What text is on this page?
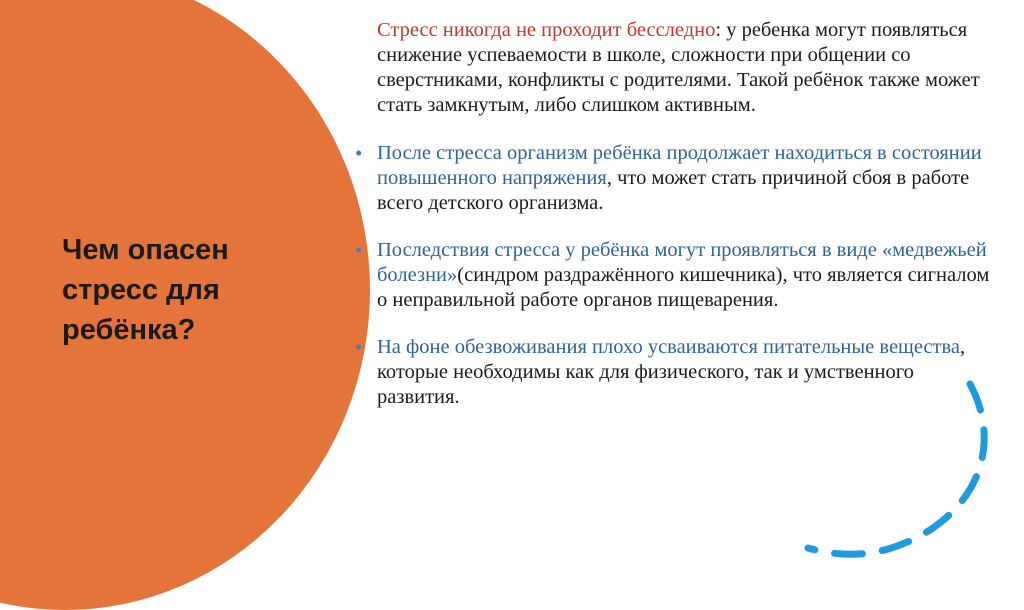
Чем опасен стресс для ребёнка?

Стресс никогда не проходит бесследно: у ребенка могут появляться снижение успеваемости в школе, сложности при общении со сверстниками, конфликты с родителями. Такой ребёнок также может стать замкнутым, либо слишком активным.

• После стресса организм ребёнка продолжает находиться в состоянии повышенного напряжения, что может стать причиной сбоя в работе всего детского организма.

• Последствия стресса у ребёнка могут проявляться в виде «медвежьей болезни»(синдром раздражённого кишечника), что является сигналом о неправильной работе органов пищеварения.

• На фоне обезвоживания плохо усваиваются питательные вещества, которые необходимы как для физического, так и умственного развития.
